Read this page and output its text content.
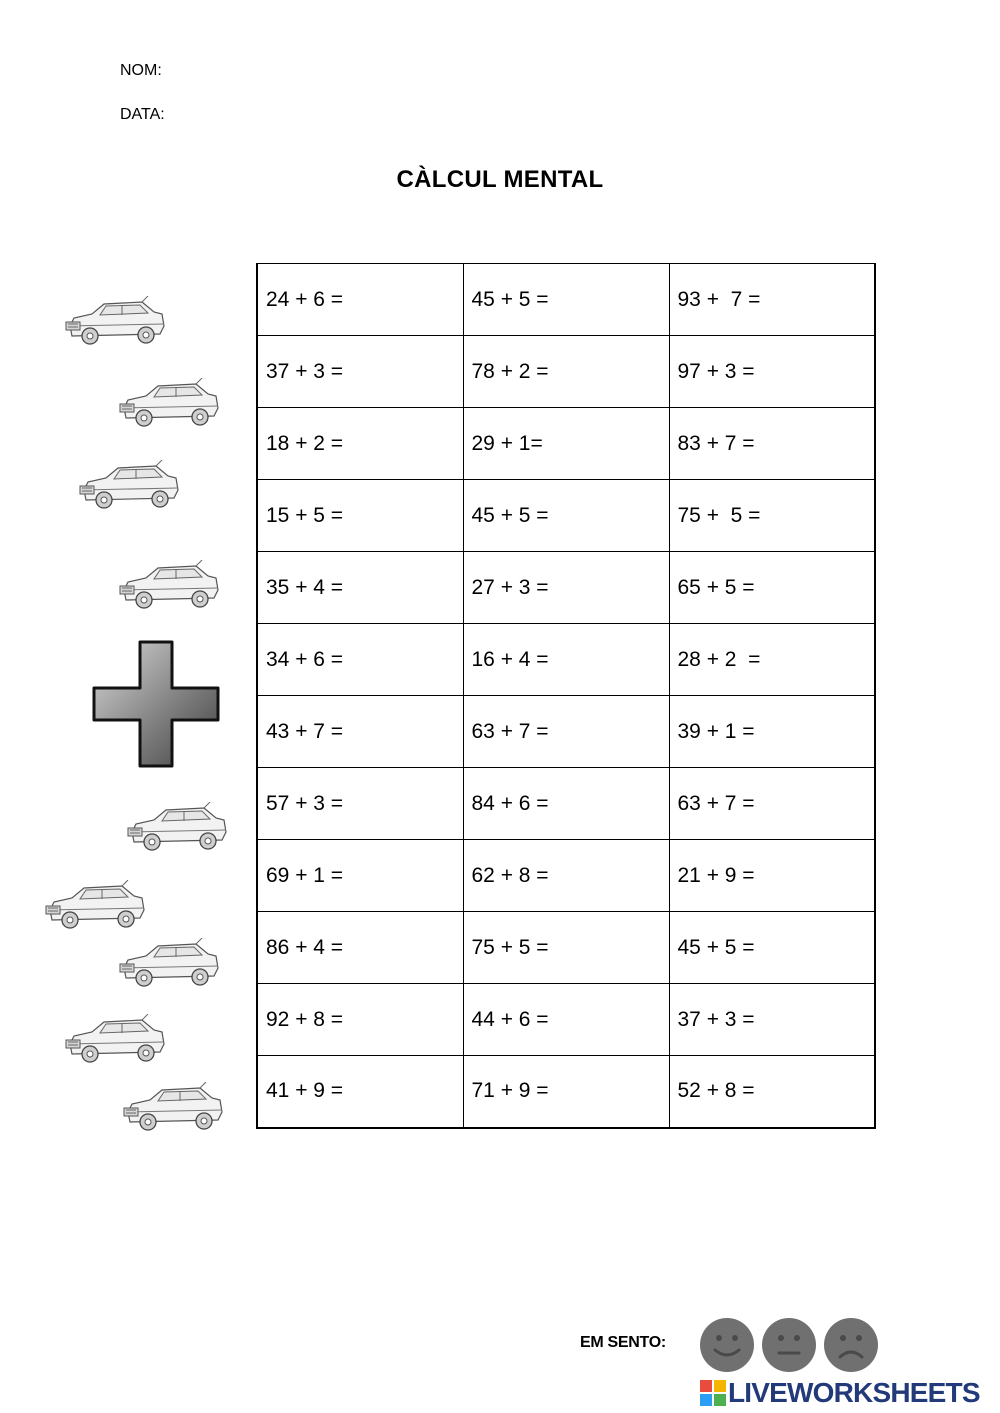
NOM:
DATA:
CÀLCUL MENTAL
24 + 6 =	45 + 5 =	93 +  7 =
37 + 3 =	78 + 2 =	97 + 3 =
18 + 2 =	29 + 1=	83 + 7 =
15 + 5 =	45 + 5 =	75 +  5 =
35 + 4 =	27 + 3 =	65 + 5 =
34 + 6 =	16 + 4 =	28 + 2  =
43 + 7 =	63 + 7 =	39 + 1 =
57 + 3 =	84 + 6 =	63 + 7 =
69 + 1 =	62 + 8 =	21 + 9 =
86 + 4 =	75 + 5 =	45 + 5 =
92 + 8 =	44 + 6 =	37 + 3 =
41 + 9 =	71 + 9 =	52 + 8 =
EM SENTO:
LIVEWORKSHEETS
